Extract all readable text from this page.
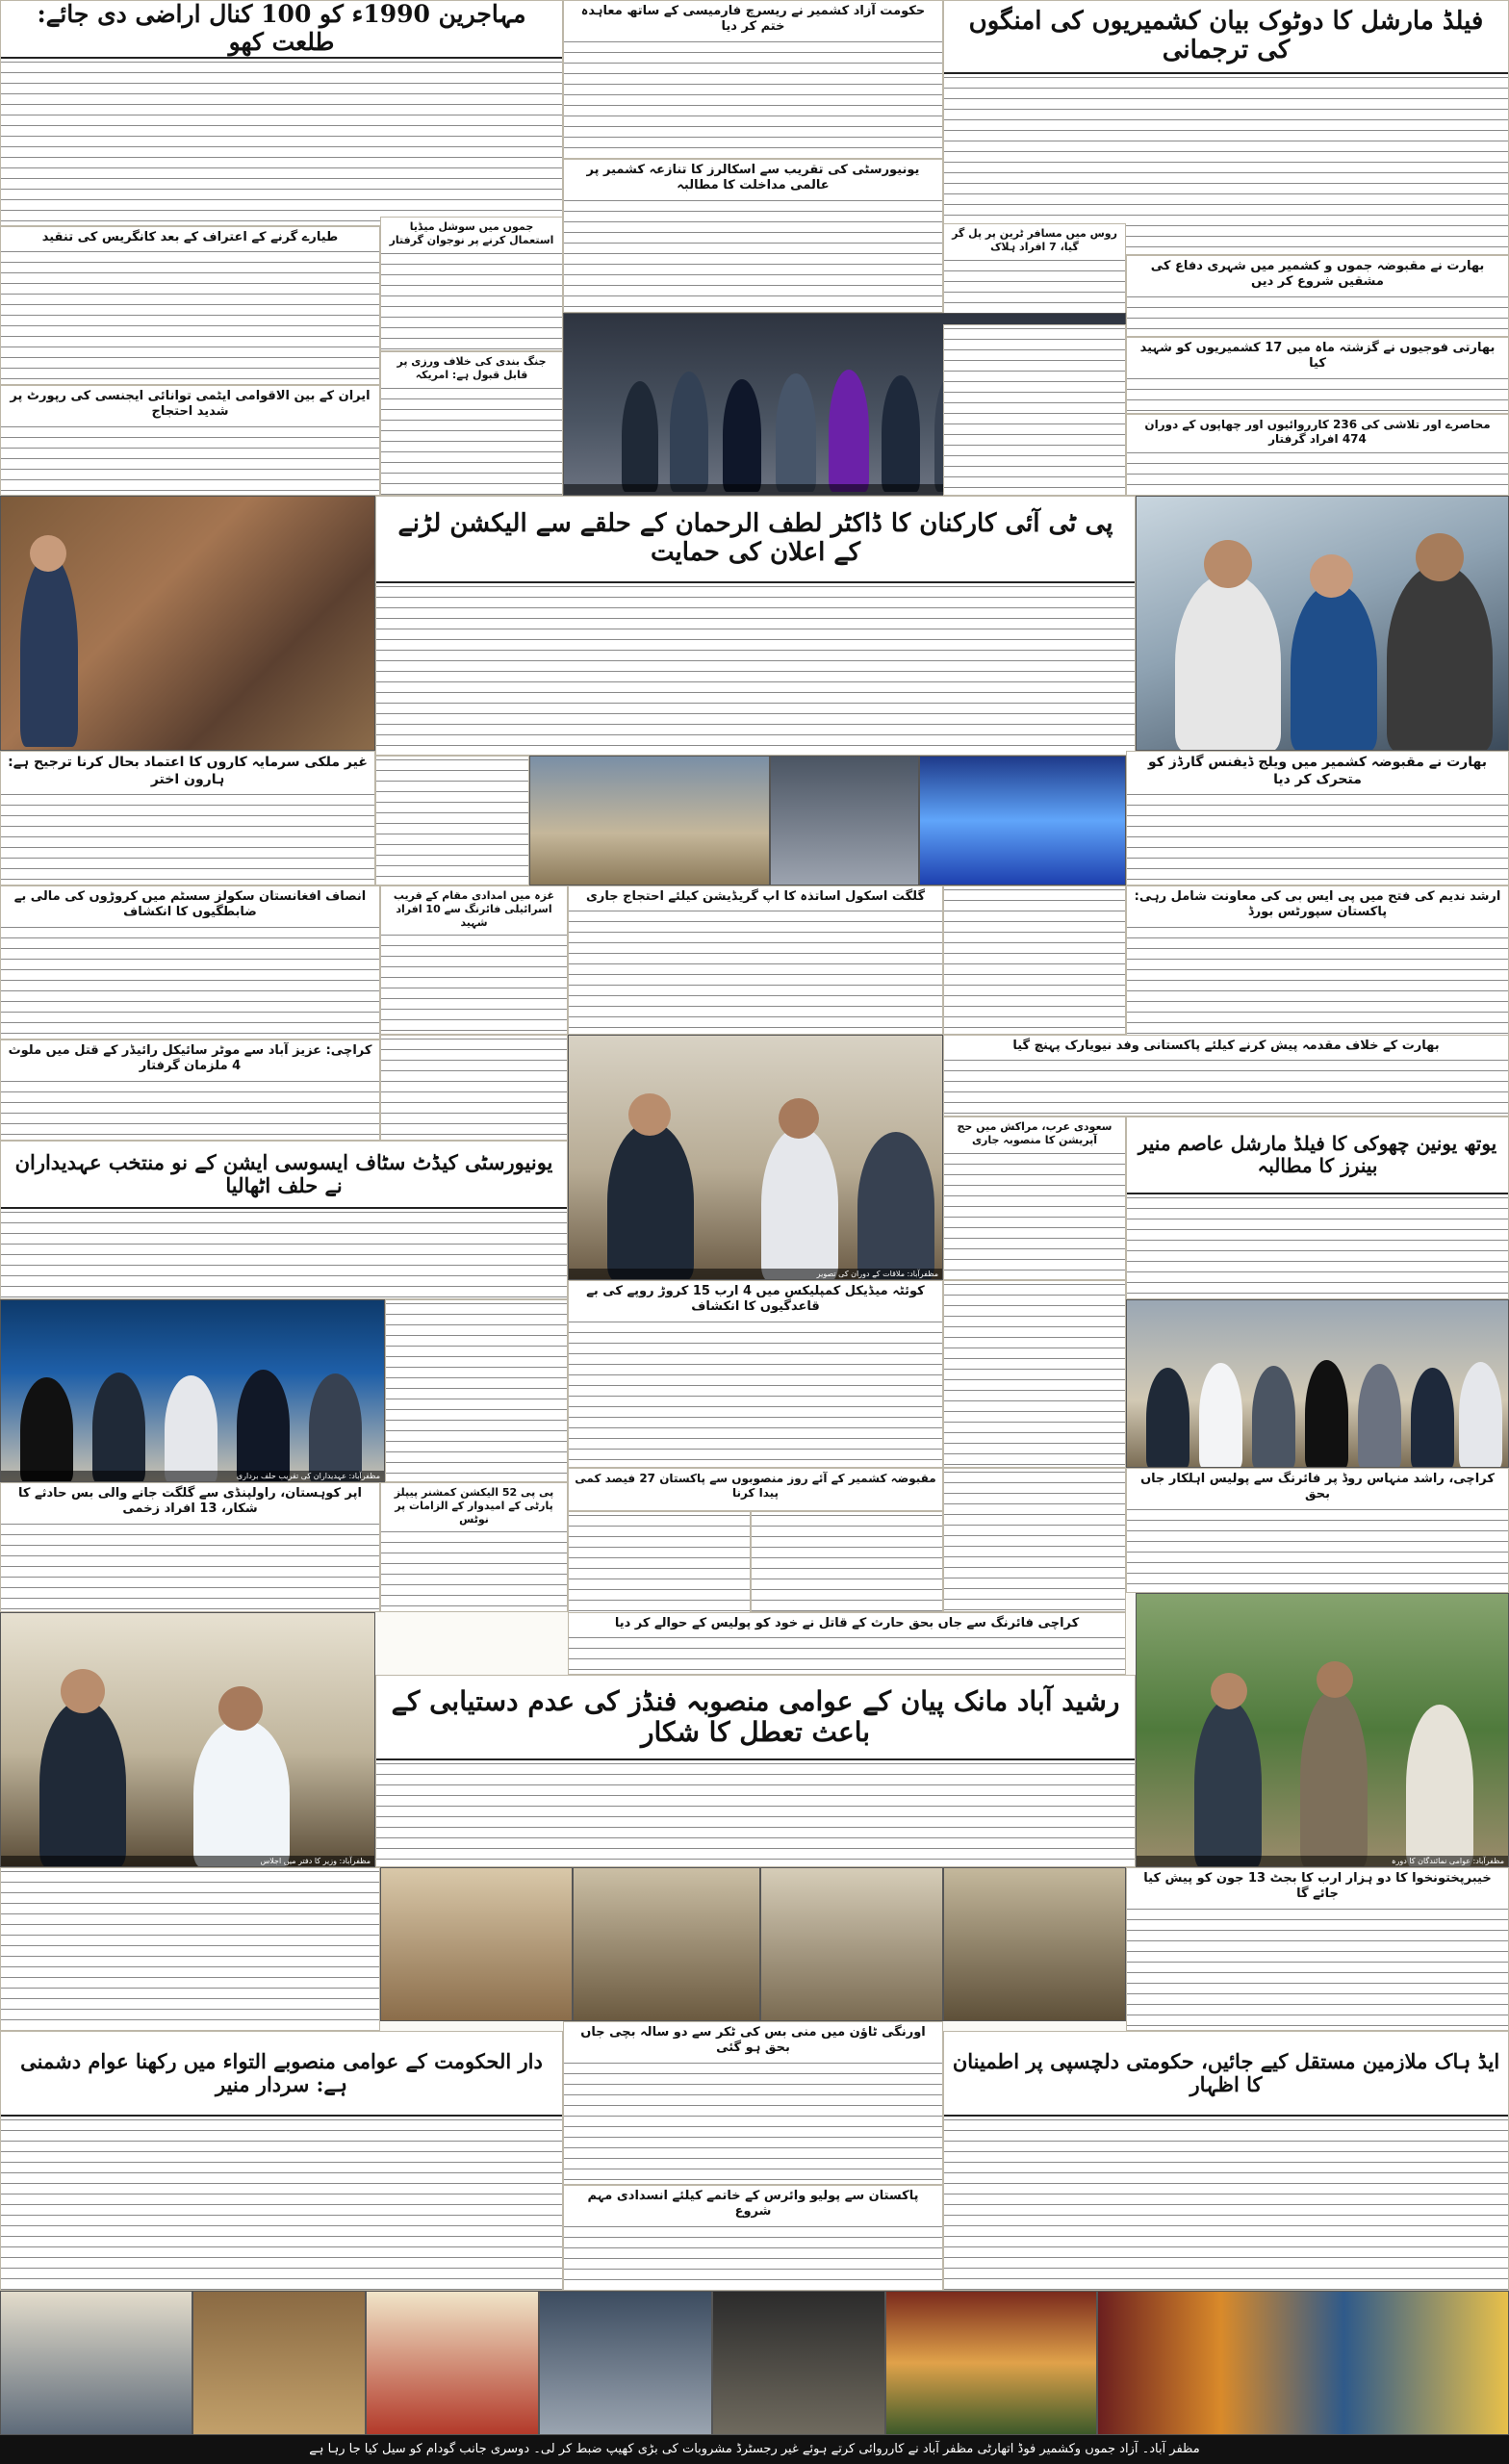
مہاجرین 1990ء کو 100 کنال اراضی دی جائے: طلعت کھو
حکومت آزاد کشمیر نے ریسرچ فارمیسی کے ساتھ معاہدہ ختم کر دیا	فیلڈ مارشل کا دوٹوک بیان کشمیریوں کی امنگوں کی ترجمانی
یونیورسٹی کی تقریب سے اسکالرز کا تنازعہ کشمیر پر عالمی مداخلت کا مطالبہ
طیارے گرنے کے اعتراف کے بعد کانگریس کی تنقید
جموں میں سوشل میڈیا استعمال کرنے پر نوجوان گرفتار
جنگ بندی کی خلاف ورزی پر قابل قبول ہے: امریکہ
ایران کے بین الاقوامی ایٹمی توانائی ایجنسی کی رپورٹ پر شدید احتجاج
روس میں مسافر ٹرین پر پل گر گیا، 7 افراد ہلاک
بھارت نے مقبوضہ جموں و کشمیر میں شہری دفاع کی مشقیں شروع کر دیں
بھارتی فوجیوں نے گزشتہ ماہ میں 17 کشمیریوں کو شہید کیا
محاصرے اور تلاشی کی 236 کارروائیوں اور چھاپوں کے دوران 474 افراد گرفتار
پی ٹی آئی کارکنان کا ڈاکٹر لطف الرحمان کے حلقے سے الیکشن لڑنے کے اعلان کی حمایت
غیر ملکی سرمایہ کاروں کا اعتماد بحال کرنا ترجیح ہے: ہارون اختر
بھارت نے مقبوضہ کشمیر میں ویلج ڈیفنس گارڈز کو متحرک کر دیا
انصاف افغانستان سکولز سسٹم میں کروڑوں کی مالی بے ضابطگیوں کا انکشاف
غزہ میں امدادی مقام کے قریب اسرائیلی فائرنگ سے 10 افراد شہید
گلگت اسکول اساتذہ کا اپ گریڈیشن کیلئے احتجاج جاری	ارشد ندیم کی فتح میں پی ایس بی کی معاونت شامل رہی: پاکستان سپورٹس بورڈ
کراچی: عزیز آباد سے موٹر سائیکل رائیڈر کے قتل میں ملوث 4 ملزمان گرفتار
مظفرآباد: ملاقات کے دوران کی تصویر
بھارت کے خلاف مقدمہ پیش کرنے کیلئے پاکستانی وفد نیویارک پہنچ گیا
سعودی عرب، مراکش میں حج آپریشن کا منصوبہ جاری
یونیورسٹی کیڈٹ سٹاف ایسوسی ایشن کے نو منتخب عہدیداران نے حلف اٹھالیا
یوتھ یونین چھوکی کا فیلڈ مارشل عاصم منیر بینرز کا مطالبہ
کوئٹہ میڈیکل کمپلیکس میں 4 ارب 15 کروڑ روپے کی بے قاعدگیوں کا انکشاف
مظفرآباد: عہدیداران کی تقریب حلف برداری
اپر کوہستان، راولپنڈی سے گلگت جانے والی بس حادثے کا شکار، 13 افراد زخمی
پی پی 52 الیکشن کمشنر پیپلز پارٹی کے امیدوار کے الزامات پر نوٹس
مقبوضہ کشمیر کے آئے روز منصوبوں سے پاکستان 27 فیصد کمی پیدا کرنا
کراچی، راشد منہاس روڈ پر فائرنگ سے پولیس اہلکار جاں بحق
کراچی فائرنگ سے جاں بحق حارث کے قاتل نے خود کو پولیس کے حوالے کر دیا
مظفرآباد: وزیر کا دفتر میں اجلاس	مظفرآباد: عوامی نمائندگان کا دورہ
رشید آباد مانک پیان کے عوامی منصوبہ فنڈز کی عدم دستیابی کے باعث تعطل کا شکار
خیبرپختونخوا کا دو ہزار ارب کا بجٹ 13 جون کو پیش کیا جائے گا
دار الحکومت کے عوامی منصوبے التواء میں رکھنا عوام دشمنی ہے: سردار منیر
اورنگی ٹاؤن میں منی بس کی ٹکر سے دو سالہ بچی جاں بحق ہو گئی
ایڈ ہاک ملازمین مستقل کیے جائیں، حکومتی دلچسپی پر اطمینان کا اظہار
پاکستان سے پولیو وائرس کے خاتمے کیلئے انسدادی مہم شروع
مظفر آباد۔ آزاد جموں وکشمیر فوڈ اتھارٹی مظفر آباد نے کارروائی کرتے ہوئے غیر رجسٹرڈ مشروبات کی بڑی کھیپ ضبط کر لی۔ دوسری جانب گودام کو سیل کیا جا رہا ہے
